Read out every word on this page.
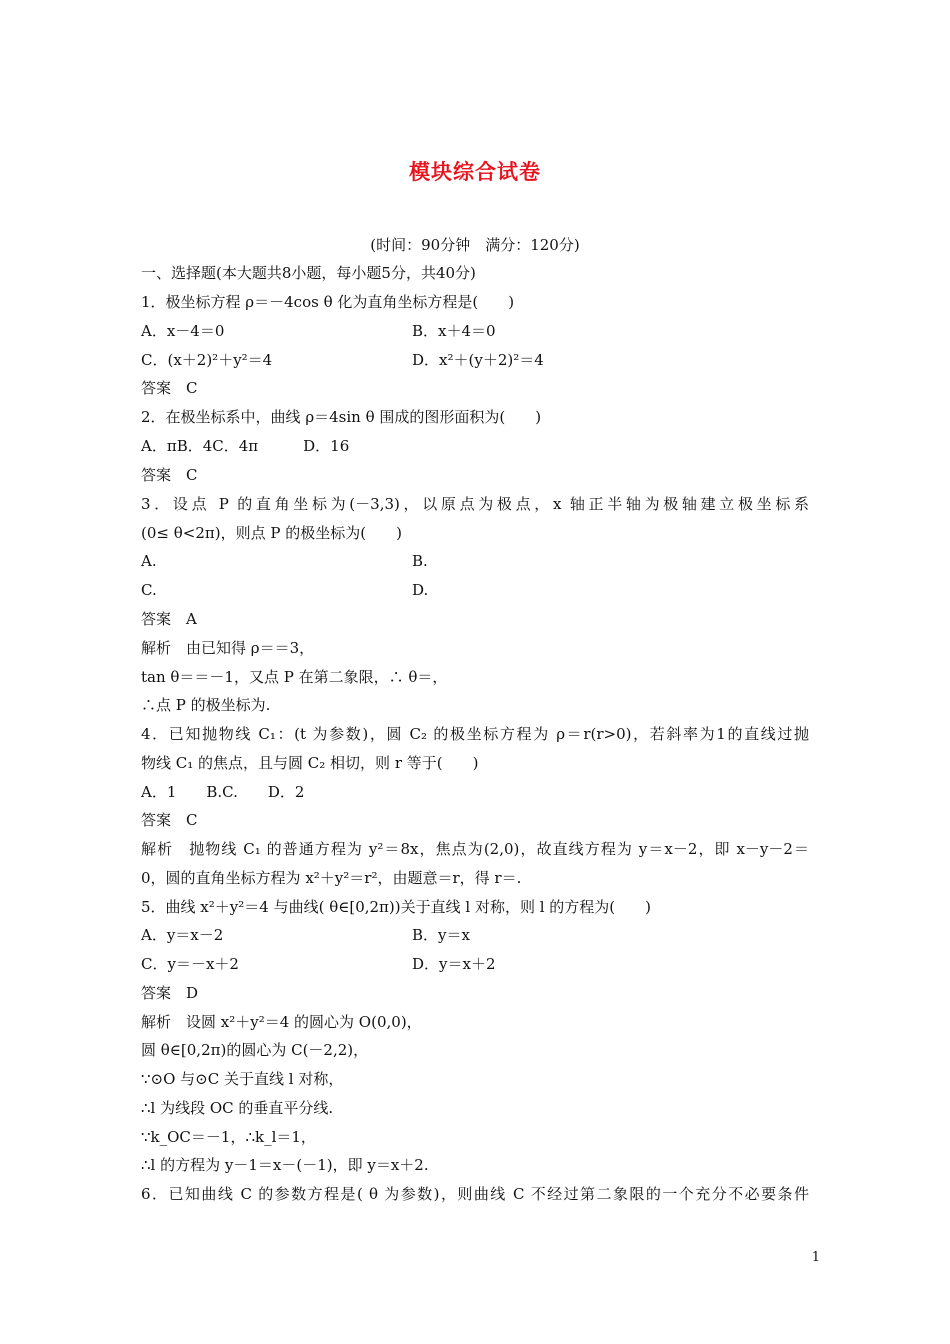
模块综合试卷
(时间：90分钟　满分：120分)
一、选择题(本大题共8小题，每小题5分，共40分)
1．极坐标方程 ρ＝－4cos θ 化为直角坐标方程是(　　)
A．x－4＝0	B．x＋4＝0
C．(x＋2)²＋y²＝4	D．x²＋(y＋2)²＝4
答案　C
2．在极坐标系中，曲线 ρ＝4sin θ 围成的图形面积为(　　)
A．πB．4C．4π　　　D．16
答案　C
3．设点 P 的直角坐标为(－3,3)，以原点为极点，x 轴正半轴为极轴建立极坐标系
(0≤ θ<2π)，则点 P 的极坐标为(　　)
A.	B.
C.	D.
答案　A
解析　由已知得 ρ＝＝3，
tan θ＝＝－1，又点 P 在第二象限，∴ θ＝，
∴点 P 的极坐标为.
4．已知抛物线 C₁：(t 为参数)，圆 C₂ 的极坐标方程为 ρ＝r(r>0)，若斜率为1的直线过抛
物线 C₁ 的焦点，且与圆 C₂ 相切，则 r 等于(　　)
A．1　　B.C.　　D．2
答案　C
解析　抛物线 C₁ 的普通方程为 y²＝8x，焦点为(2,0)，故直线方程为 y＝x－2，即 x－y－2＝
0，圆的直角坐标方程为 x²＋y²＝r²，由题意＝r，得 r＝.
5．曲线 x²＋y²＝4 与曲线( θ∈[0,2π))关于直线 l 对称，则 l 的方程为(　　)
A．y＝x－2	B．y＝x
C．y＝－x＋2	D．y＝x＋2
答案　D
解析　设圆 x²＋y²＝4 的圆心为 O(0,0)，
圆 θ∈[0,2π)的圆心为 C(－2,2)，
∵⊙O 与⊙C 关于直线 l 对称，
∴l 为线段 OC 的垂直平分线.
∵k_OC＝－1，∴k_l＝1，
∴l 的方程为 y－1＝x－(－1)，即 y＝x＋2.
6．已知曲线 C 的参数方程是( θ 为参数)，则曲线 C 不经过第二象限的一个充分不必要条件
1
